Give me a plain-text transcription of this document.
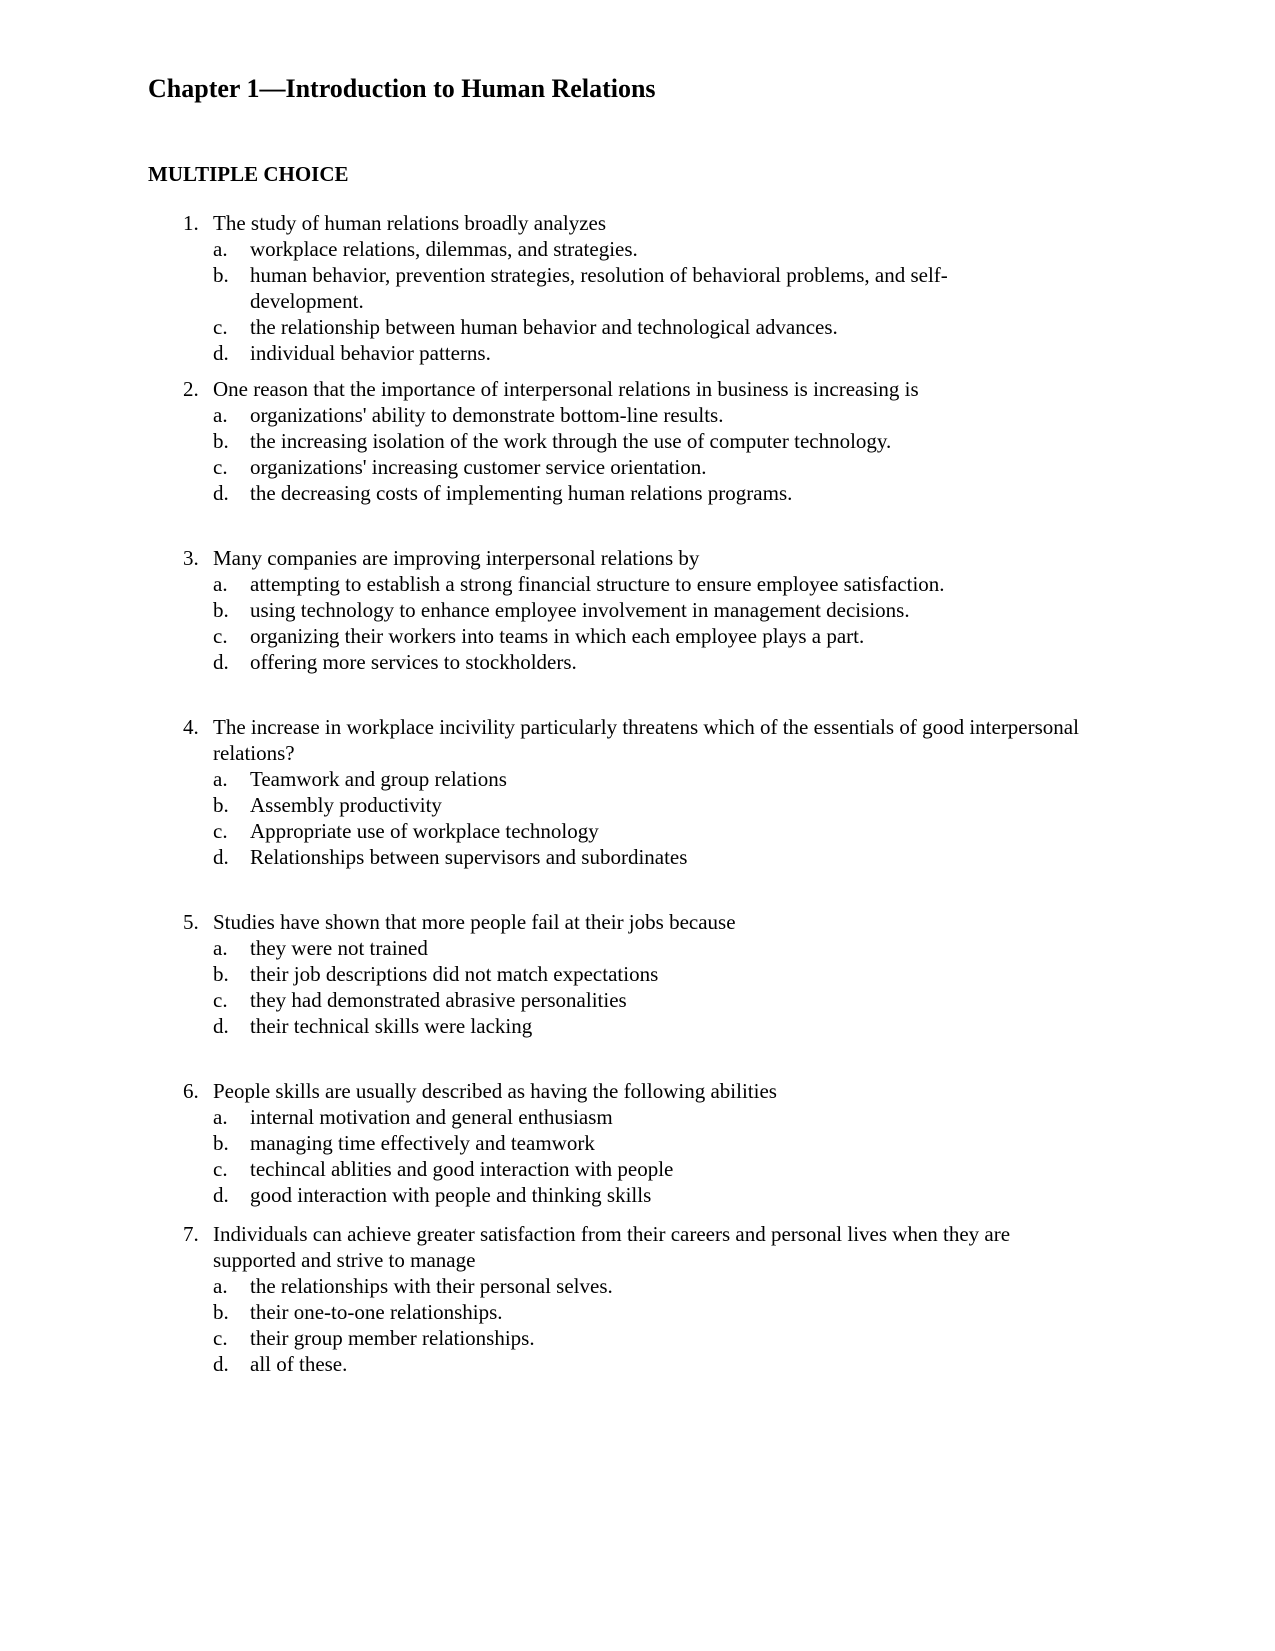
Chapter 1—Introduction to Human Relations
MULTIPLE CHOICE
1. The study of human relations broadly analyzes
a.	workplace relations, dilemmas, and strategies.
b.	human behavior, prevention strategies, resolution of behavioral problems, and self-development.
c.	the relationship between human behavior and technological advances.
d.	individual behavior patterns.
2. One reason that the importance of interpersonal relations in business is increasing is
a.	organizations' ability to demonstrate bottom-line results.
b.	the increasing isolation of the work through the use of computer technology.
c.	organizations' increasing customer service orientation.
d.	the decreasing costs of implementing human relations programs.
3. Many companies are improving interpersonal relations by
a.	attempting to establish a strong financial structure to ensure employee satisfaction.
b.	using technology to enhance employee involvement in management decisions.
c.	organizing their workers into teams in which each employee plays a part.
d.	offering more services to stockholders.
4. The increase in workplace incivility particularly threatens which of the essentials of good interpersonal relations?
a.	Teamwork and group relations
b.	Assembly productivity
c.	Appropriate use of workplace technology
d.	Relationships between supervisors and subordinates
5. Studies have shown that more people fail at their jobs because
a.	they were not trained
b.	their job descriptions did not match expectations
c.	they had demonstrated abrasive personalities
d.	their technical skills were lacking
6. People skills are usually described as having the following abilities
a.	internal motivation and general enthusiasm
b.	managing time effectively and teamwork
c.	techincal ablities and good interaction with people
d.	good interaction with people and thinking skills
7. Individuals can achieve greater satisfaction from their careers and personal lives when they are supported and strive to manage
a.	the relationships with their personal selves.
b.	their one-to-one relationships.
c.	their group member relationships.
d.	all of these.
